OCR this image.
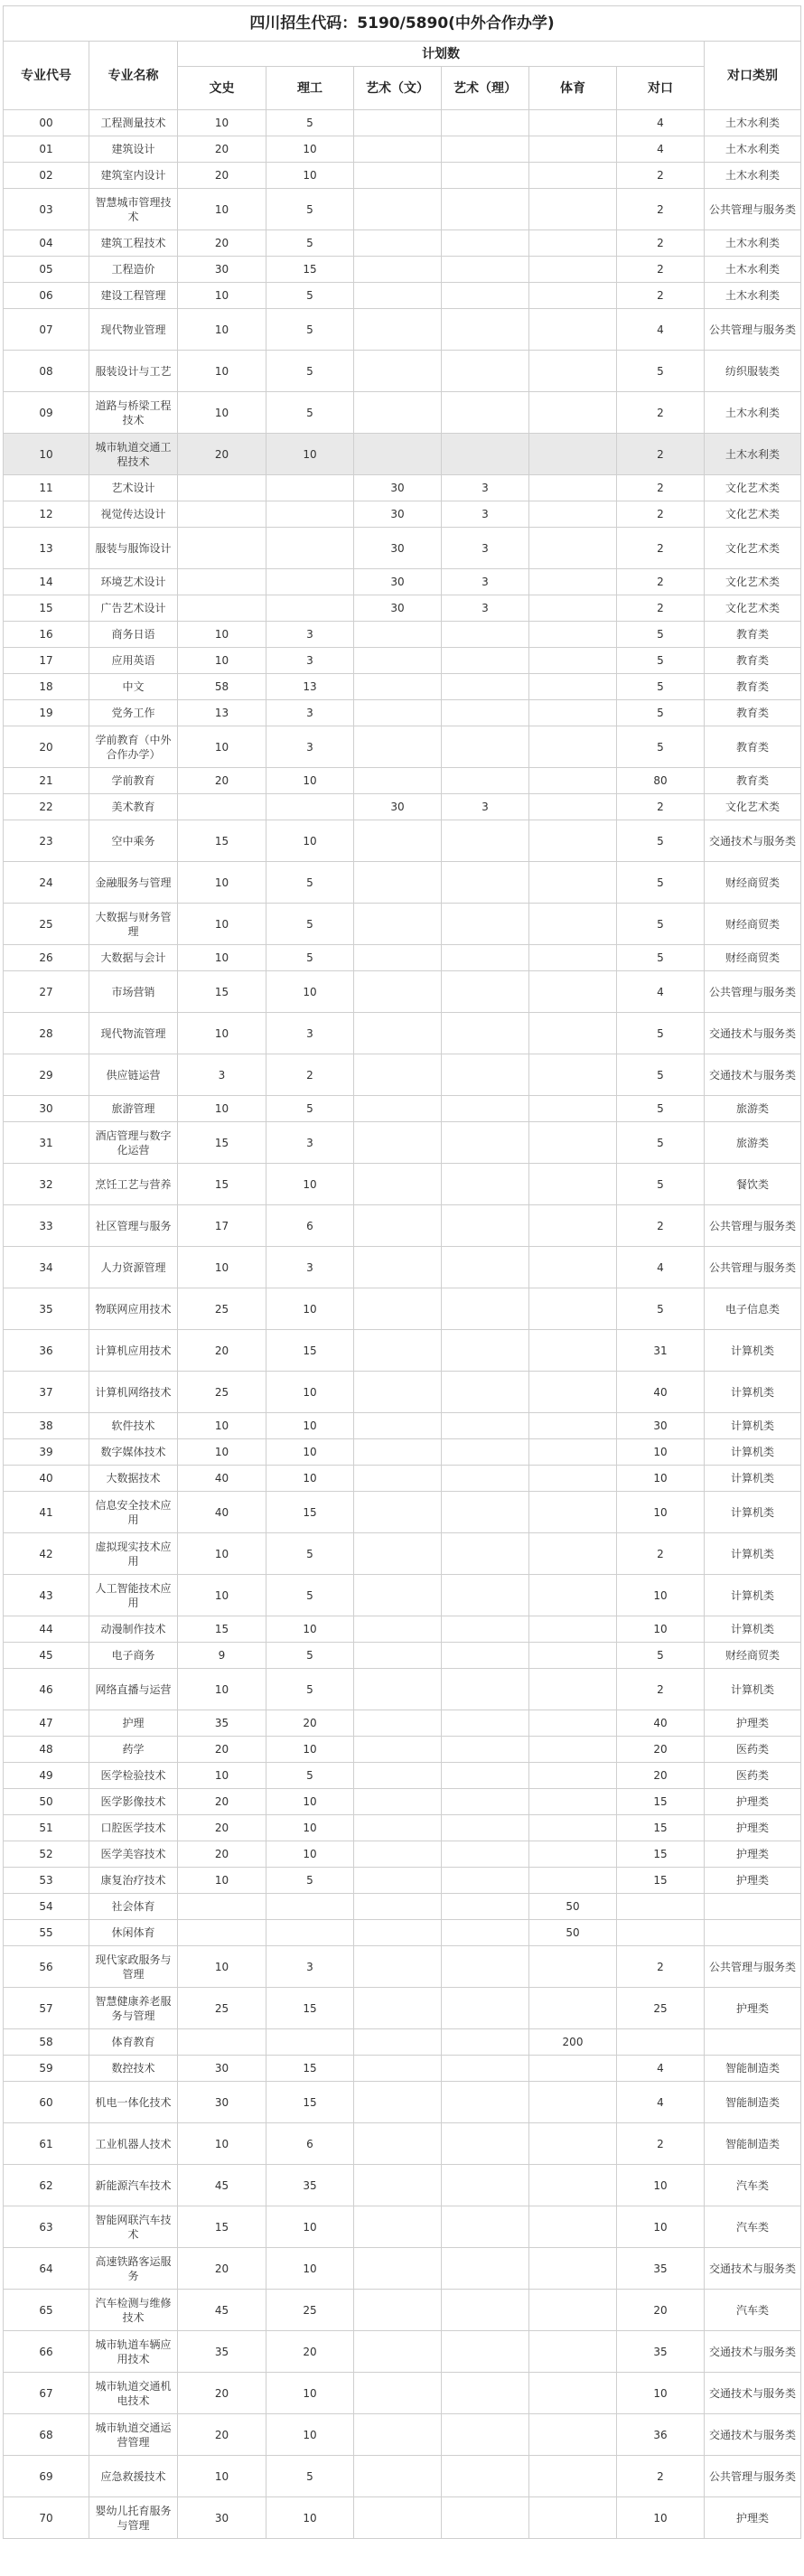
四川招生代码：5190/5890(中外合作办学)								
专业代号	专业名称	计划数						对口类别
		文史	理工	艺术（文）	艺术（理）	体育	对口	
00	工程测量技术	10	5				4	土木水利类
01	建筑设计	20	10				4	土木水利类
02	建筑室内设计	20	10				2	土木水利类
03	智慧城市管理技术	10	5				2	公共管理与服务类
04	建筑工程技术	20	5				2	土木水利类
05	工程造价	30	15				2	土木水利类
06	建设工程管理	10	5				2	土木水利类
07	现代物业管理	10	5				4	公共管理与服务类
08	服装设计与工艺	10	5				5	纺织服装类
09	道路与桥梁工程技术	10	5				2	土木水利类
10	城市轨道交通工程技术	20	10				2	土木水利类
11	艺术设计			30	3		2	文化艺术类
12	视觉传达设计			30	3		2	文化艺术类
13	服装与服饰设计			30	3		2	文化艺术类
14	环境艺术设计			30	3		2	文化艺术类
15	广告艺术设计			30	3		2	文化艺术类
16	商务日语	10	3				5	教育类
17	应用英语	10	3				5	教育类
18	中文	58	13				5	教育类
19	党务工作	13	3				5	教育类
20	学前教育（中外合作办学）	10	3				5	教育类
21	学前教育	20	10				80	教育类
22	美术教育			30	3		2	文化艺术类
23	空中乘务	15	10				5	交通技术与服务类
24	金融服务与管理	10	5				5	财经商贸类
25	大数据与财务管理	10	5				5	财经商贸类
26	大数据与会计	10	5				5	财经商贸类
27	市场营销	15	10				4	公共管理与服务类
28	现代物流管理	10	3				5	交通技术与服务类
29	供应链运营	3	2				5	交通技术与服务类
30	旅游管理	10	5				5	旅游类
31	酒店管理与数字化运营	15	3				5	旅游类
32	烹饪工艺与营养	15	10				5	餐饮类
33	社区管理与服务	17	6				2	公共管理与服务类
34	人力资源管理	10	3				4	公共管理与服务类
35	物联网应用技术	25	10				5	电子信息类
36	计算机应用技术	20	15				31	计算机类
37	计算机网络技术	25	10				40	计算机类
38	软件技术	10	10				30	计算机类
39	数字媒体技术	10	10				10	计算机类
40	大数据技术	40	10				10	计算机类
41	信息安全技术应用	40	15				10	计算机类
42	虚拟现实技术应用	10	5				2	计算机类
43	人工智能技术应用	10	5				10	计算机类
44	动漫制作技术	15	10				10	计算机类
45	电子商务	9	5				5	财经商贸类
46	网络直播与运营	10	5				2	计算机类
47	护理	35	20				40	护理类
48	药学	20	10				20	医药类
49	医学检验技术	10	5				20	医药类
50	医学影像技术	20	10				15	护理类
51	口腔医学技术	20	10				15	护理类
52	医学美容技术	20	10				15	护理类
53	康复治疗技术	10	5				15	护理类
54	社会体育					50		
55	休闲体育					50		
56	现代家政服务与管理	10	3				2	公共管理与服务类
57	智慧健康养老服务与管理	25	15				25	护理类
58	体育教育					200		
59	数控技术	30	15				4	智能制造类
60	机电一体化技术	30	15				4	智能制造类
61	工业机器人技术	10	6				2	智能制造类
62	新能源汽车技术	45	35				10	汽车类
63	智能网联汽车技术	15	10				10	汽车类
64	高速铁路客运服务	20	10				35	交通技术与服务类
65	汽车检测与维修技术	45	25				20	汽车类
66	城市轨道车辆应用技术	35	20				35	交通技术与服务类
67	城市轨道交通机电技术	20	10				10	交通技术与服务类
68	城市轨道交通运营管理	20	10				36	交通技术与服务类
69	应急救援技术	10	5				2	公共管理与服务类
70	婴幼儿托育服务与管理	30	10				10	护理类
